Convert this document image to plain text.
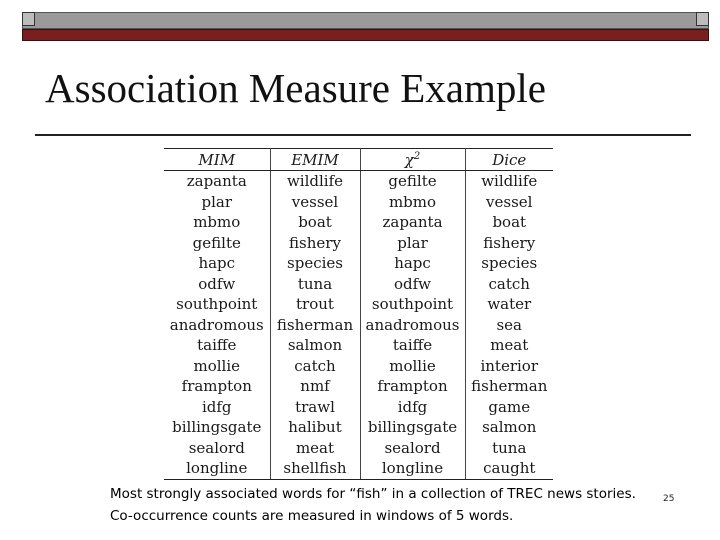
Association Measure Example
MIM	EMIM	$\chi^2$	Dice
zapanta	wildlife	gefilte	wildlife
plar	vessel	mbmo	vessel
mbmo	boat	zapanta	boat
gefilte	fishery	plar	fishery
hapc	species	hapc	species
odfw	tuna	odfw	catch
southpoint	trout	southpoint	water
anadromous	fisherman	anadromous	sea
taiffe	salmon	taiffe	meat
mollie	catch	mollie	interior
frampton	nmf	frampton	fisherman
idfg	trawl	idfg	game
billingsgate	halibut	billingsgate	salmon
sealord	meat	sealord	tuna
longline	shellfish	longline	caught
Most strongly associated words for “fish” in a collection of TREC news stories. Co-occurrence counts are measured in windows of 5 words.
25
